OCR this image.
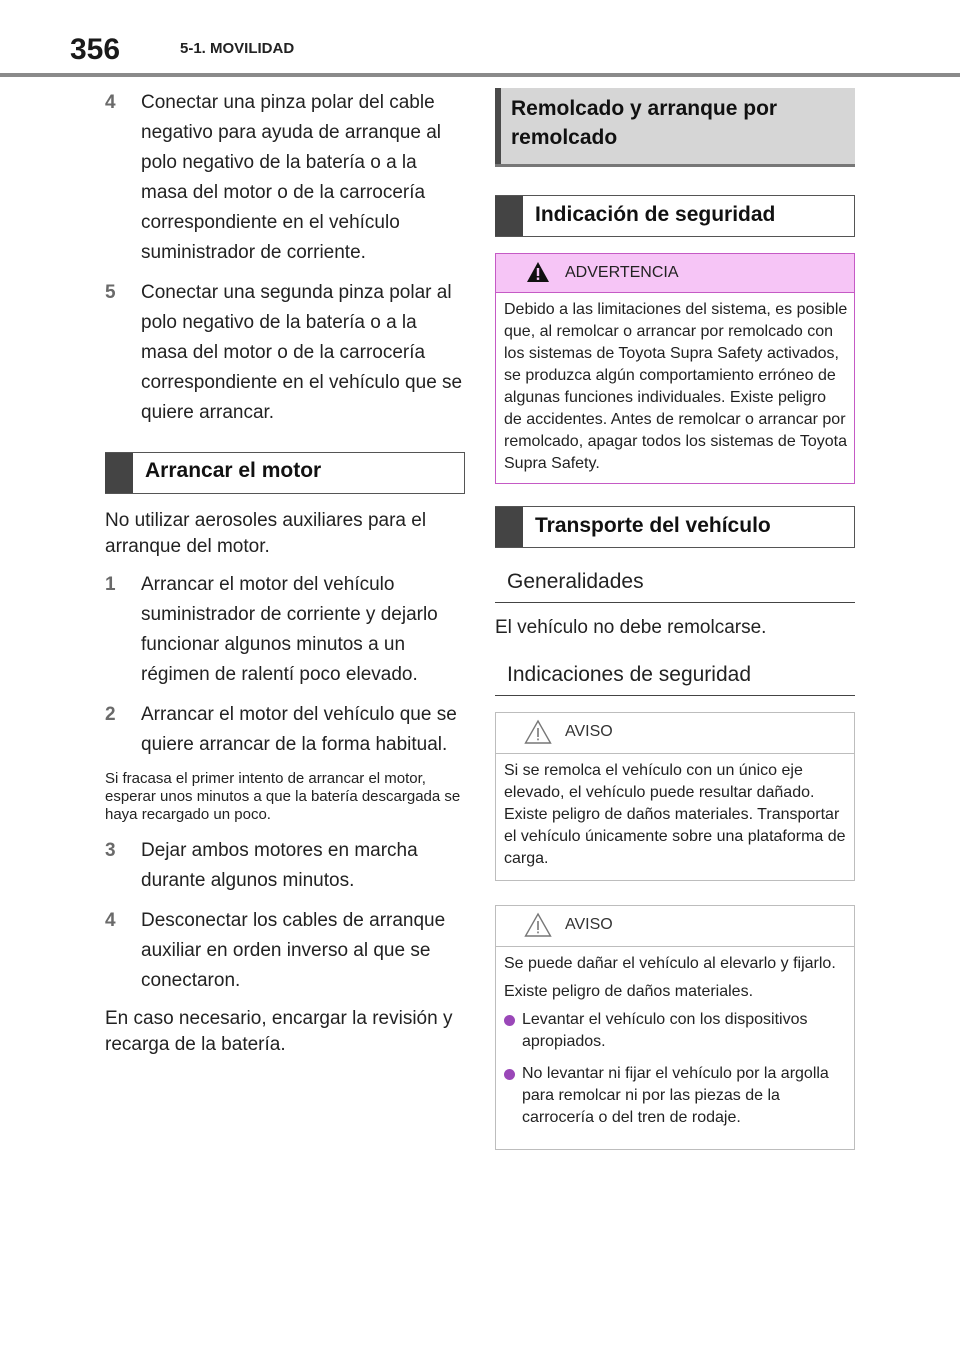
356	5-1. MOVILIDAD
4 Conectar una pinza polar del cable negativo para ayuda de arranque al polo negativo de la batería o a la masa del motor o de la carrocería correspondiente en el vehículo suministrador de corriente.
5 Conectar una segunda pinza polar al polo negativo de la batería o a la masa del motor o de la carrocería correspondiente en el vehículo que se quiere arrancar.
Arrancar el motor

No utilizar aerosoles auxiliares para el arranque del motor.

1 Arrancar el motor del vehículo suministrador de corriente y dejarlo funcionar algunos minutos a un régimen de ralentí poco elevado.
2 Arrancar el motor del vehículo que se quiere arrancar de la forma habitual.

Si fracasa el primer intento de arrancar el motor, esperar unos minutos a que la batería descargada se haya recargado un poco.

3 Dejar ambos motores en marcha durante algunos minutos.
4 Desconectar los cables de arranque auxiliar en orden inverso al que se conectaron.

En caso necesario, encargar la revisión y recarga de la batería.

Remolcado y arranque por remolcado
Indicación de seguridad
ADVERTENCIA
Debido a las limitaciones del sistema, es posible que, al remolcar o arrancar por remolcado con los sistemas de Toyota Supra Safety activados, se produzca algún comportamiento erróneo de algunas funciones individuales. Existe peligro de accidentes. Antes de remolcar o arrancar por remolcado, apagar todos los sistemas de Toyota Supra Safety.
Transporte del vehículo
Generalidades

El vehículo no debe remolcarse.

Indicaciones de seguridad
AVISO
Si se remolca el vehículo con un único eje elevado, el vehículo puede resultar dañado. Existe peligro de daños materiales. Transportar el vehículo únicamente sobre una plataforma de carga.
AVISO

Se puede dañar el vehículo al elevarlo y fijarlo.

Existe peligro de daños materiales.

Levantar el vehículo con los dispositivos apropiados.
No levantar ni fijar el vehículo por la argolla para remolcar ni por las piezas de la carrocería o del tren de rodaje.
